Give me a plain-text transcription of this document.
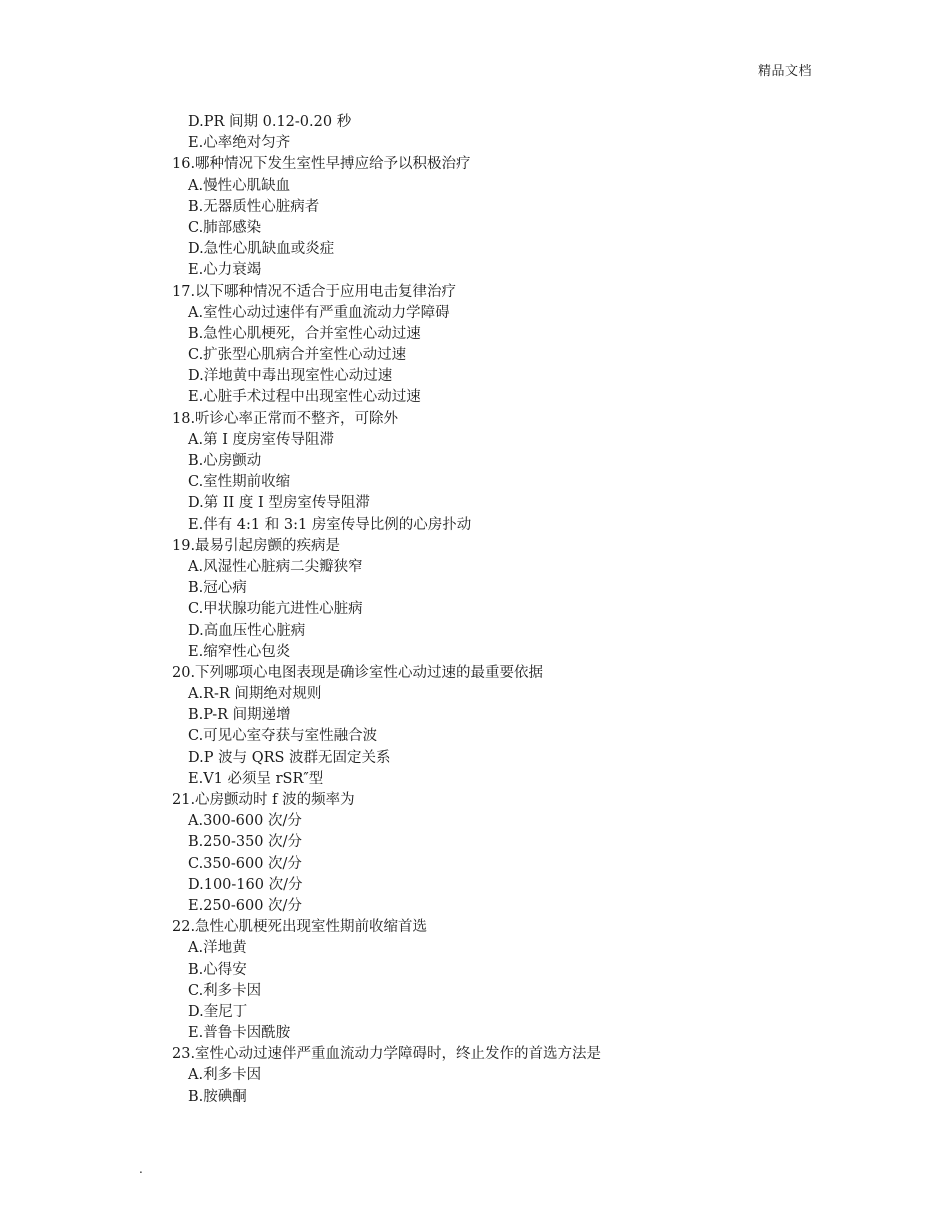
精品文档
D.PR 间期 0.12-0.20 秒
E.心率绝对匀齐
16.哪种情况下发生室性早搏应给予以积极治疗
A.慢性心肌缺血
B.无器质性心脏病者
C.肺部感染
D.急性心肌缺血或炎症
E.心力衰竭
17.以下哪种情况不适合于应用电击复律治疗
A.室性心动过速伴有严重血流动力学障碍
B.急性心肌梗死，合并室性心动过速
C.扩张型心肌病合并室性心动过速
D.洋地黄中毒出现室性心动过速
E.心脏手术过程中出现室性心动过速
18.听诊心率正常而不整齐，可除外
A.第 I 度房室传导阻滞
B.心房颤动
C.室性期前收缩
D.第 II 度 I 型房室传导阻滞
E.伴有 4:1 和 3:1 房室传导比例的心房扑动
19.最易引起房颤的疾病是
A.风湿性心脏病二尖瓣狭窄
B.冠心病
C.甲状腺功能亢进性心脏病
D.高血压性心脏病
E.缩窄性心包炎
20.下列哪项心电图表现是确诊室性心动过速的最重要依据
A.R-R 间期绝对规则
B.P-R 间期递增
C.可见心室夺获与室性融合波
D.P 波与 QRS 波群无固定关系
E.V1 必须呈 rSR″型
21.心房颤动时 f 波的频率为
A.300-600 次/分
B.250-350 次/分
C.350-600 次/分
D.100-160 次/分
E.250-600 次/分
22.急性心肌梗死出现室性期前收缩首选
A.洋地黄
B.心得安
C.利多卡因
D.奎尼丁
E.普鲁卡因酰胺
23.室性心动过速伴严重血流动力学障碍时，终止发作的首选方法是
A.利多卡因
B.胺碘酮
.
